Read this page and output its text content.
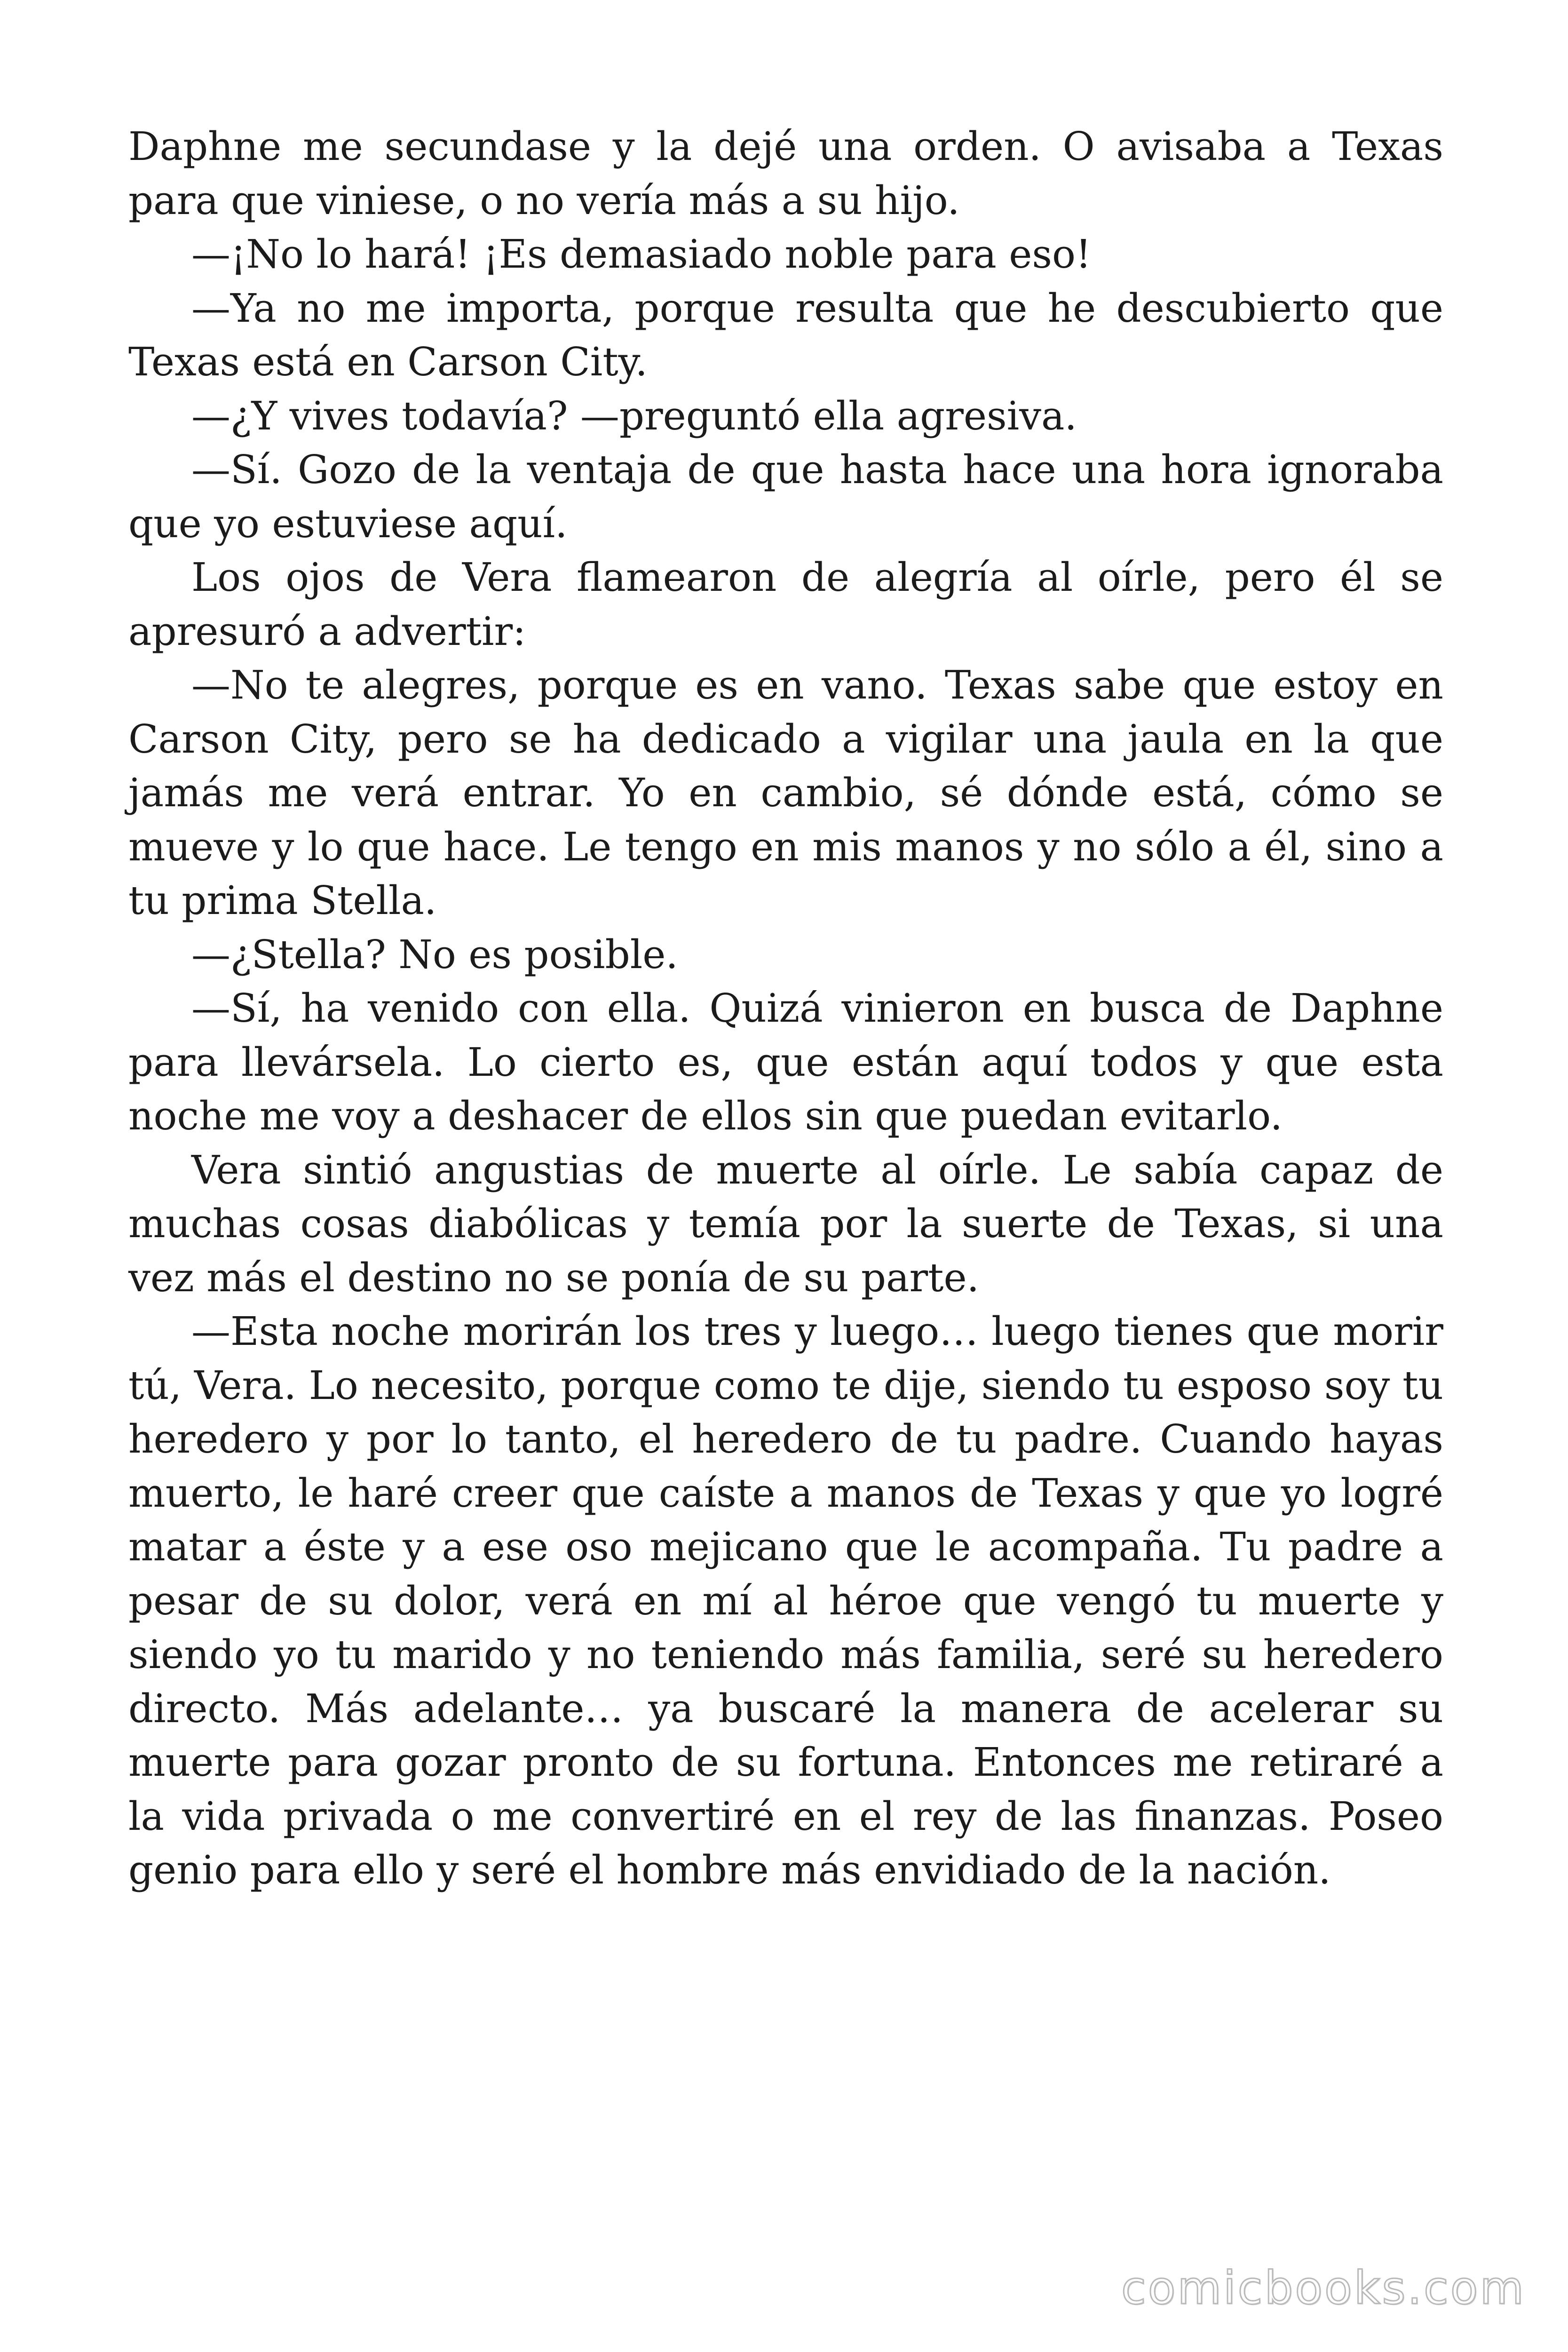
Daphne me secundase y la dejé una orden. O avisaba a Texas para que viniese, o no vería más a su hijo.

—¡No lo hará! ¡Es demasiado noble para eso!

—Ya no me importa, porque resulta que he descubierto que Texas está en Carson City.

—¿Y vives todavía? —preguntó ella agresiva.

—Sí. Gozo de la ventaja de que hasta hace una hora ignoraba que yo estuviese aquí.

Los ojos de Vera flamearon de alegría al oírle, pero él se apresuró a advertir:

—No te alegres, porque es en vano. Texas sabe que estoy en Carson City, pero se ha dedicado a vigilar una jaula en la que jamás me verá entrar. Yo en cambio, sé dónde está, cómo se mueve y lo que hace. Le tengo en mis manos y no sólo a él, sino a tu prima Stella.

—¿Stella? No es posible.

—Sí, ha venido con ella. Quizá vinieron en busca de Daphne para llevársela. Lo cierto es, que están aquí todos y que esta noche me voy a deshacer de ellos sin que puedan evitarlo.

Vera sintió angustias de muerte al oírle. Le sabía capaz de muchas cosas diabólicas y temía por la suerte de Texas, si una vez más el destino no se ponía de su parte.

—Esta noche morirán los tres y luego… luego tienes que morir tú, Vera. Lo necesito, porque como te dije, siendo tu esposo soy tu heredero y por lo tanto, el heredero de tu padre. Cuando hayas muerto, le haré creer que caíste a manos de Texas y que yo logré matar a éste y a ese oso mejicano que le acompaña. Tu padre a pesar de su dolor, verá en mí al héroe que vengó tu muerte y siendo yo tu marido y no teniendo más familia, seré su heredero directo. Más adelante… ya buscaré la manera de acelerar su muerte para gozar pronto de su fortuna. Entonces me retiraré a la vida privada o me convertiré en el rey de las finanzas. Poseo genio para ello y seré el hombre más envidiado de la nación.

comicbooks.com
